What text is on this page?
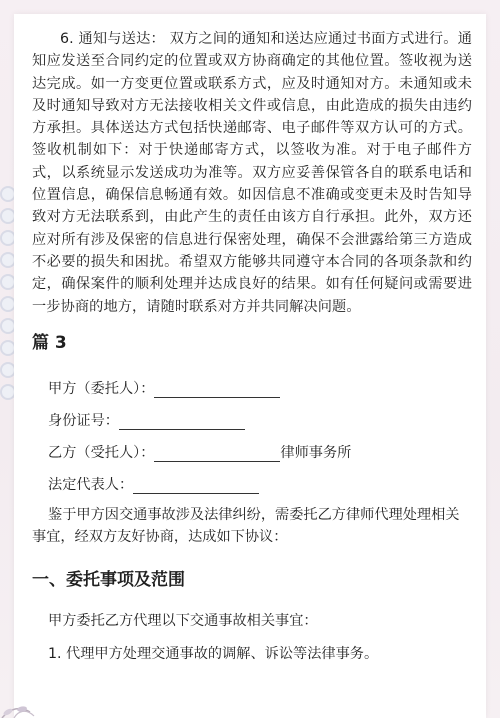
6. 通知与送达： 双方之间的通知和送达应通过书面方式进行。通知应发送至合同约定的位置或双方协商确定的其他位置。签收视为送达完成。如一方变更位置或联系方式，应及时通知对方。未通知或未及时通知导致对方无法接收相关文件或信息，由此造成的损失由违约方承担。具体送达方式包括快递邮寄、电子邮件等双方认可的方式。签收机制如下：对于快递邮寄方式，以签收为准。对于电子邮件方式，以系统显示发送成功为准等。双方应妥善保管各自的联系电话和位置信息，确保信息畅通有效。如因信息不准确或变更未及时告知导致对方无法联系到，由此产生的责任由该方自行承担。此外，双方还应对所有涉及保密的信息进行保密处理，确保不会泄露给第三方造成不必要的损失和困扰。希望双方能够共同遵守本合同的各项条款和约定，确保案件的顺利处理并达成良好的结果。如有任何疑问或需要进一步协商的地方，请随时联系对方并共同解决问题。

篇 3
甲方（委托人）：
身份证号：
乙方（受托人）：	律师事务所
法定代表人：
鉴于甲方因交通事故涉及法律纠纷，需委托乙方律师代理处理相关事宜，经双方友好协商，达成如下协议：
一、委托事项及范围
甲方委托乙方代理以下交通事故相关事宜：
1. 代理甲方处理交通事故的调解、诉讼等法律事务。
